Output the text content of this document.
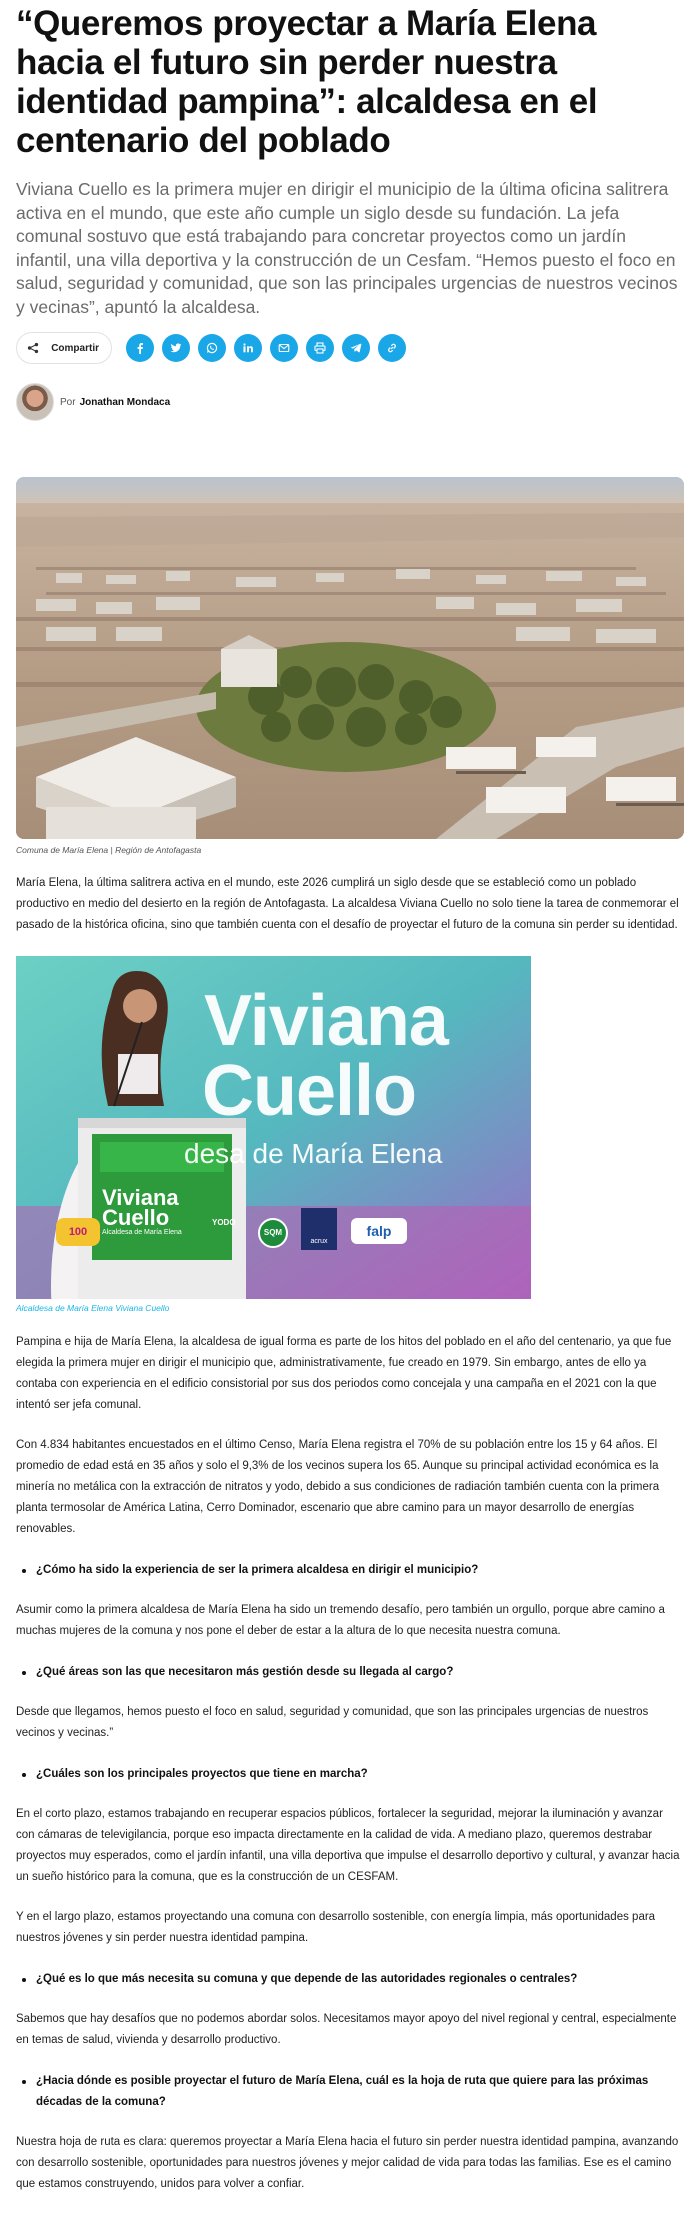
“Queremos proyectar a María Elena hacia el futuro sin perder nuestra identidad pampina”: alcaldesa en el centenario del poblado

Viviana Cuello es la primera mujer en dirigir el municipio de la última oficina salitrera activa en el mundo, que este año cumple un siglo desde su fundación. La jefa comunal sostuvo que está trabajando para concretar proyectos como un jardín infantil, una villa deportiva y la construcción de un Cesfam. “Hemos puesto el foco en salud, seguridad y comunidad, que son las principales urgencias de nuestros vecinos y vecinas”, apuntó la alcaldesa.

Compartir
Por Jonathan Mondaca

Comuna de María Elena | Región de Antofagasta

María Elena, la última salitrera activa en el mundo, este 2026 cumplirá un siglo desde que se estableció como un poblado productivo en medio del desierto en la región de Antofagasta. La alcaldesa Viviana Cuello no solo tiene la tarea de conmemorar el pasado de la histórica oficina, sino que también cuenta con el desafío de proyectar el futuro de la comuna sin perder su identidad.

Viviana
Cuello
desa de María Elena
Viviana
Cuello
Alcaldesa de María Elena
100
YODO
SQM
acrux
falp

Alcaldesa de María Elena Viviana Cuello

Pampina e hija de María Elena, la alcaldesa de igual forma es parte de los hitos del poblado en el año del centenario, ya que fue elegida la primera mujer en dirigir el municipio que, administrativamente, fue creado en 1979. Sin embargo, antes de ello ya contaba con experiencia en el edificio consistorial por sus dos periodos como concejala y una campaña en el 2021 con la que intentó ser jefa comunal.

Con 4.834 habitantes encuestados en el último Censo, María Elena registra el 70% de su población entre los 15 y 64 años. El promedio de edad está en 35 años y solo el 9,3% de los vecinos supera los 65. Aunque su principal actividad económica es la minería no metálica con la extracción de nitratos y yodo, debido a sus condiciones de radiación también cuenta con la primera planta termosolar de América Latina, Cerro Dominador, escenario que abre camino para un mayor desarrollo de energías renovables.

¿Cómo ha sido la experiencia de ser la primera alcaldesa en dirigir el municipio?

Asumir como la primera alcaldesa de María Elena ha sido un tremendo desafío, pero también un orgullo, porque abre camino a muchas mujeres de la comuna y nos pone el deber de estar a la altura de lo que necesita nuestra comuna.

¿Qué áreas son las que necesitaron más gestión desde su llegada al cargo?

Desde que llegamos, hemos puesto el foco en salud, seguridad y comunidad, que son las principales urgencias de nuestros vecinos y vecinas.”

¿Cuáles son los principales proyectos que tiene en marcha?

En el corto plazo, estamos trabajando en recuperar espacios públicos, fortalecer la seguridad, mejorar la iluminación y avanzar con cámaras de televigilancia, porque eso impacta directamente en la calidad de vida. A mediano plazo, queremos destrabar proyectos muy esperados, como el jardín infantil, una villa deportiva que impulse el desarrollo deportivo y cultural, y avanzar hacia un sueño histórico para la comuna, que es la construcción de un CESFAM.

Y en el largo plazo, estamos proyectando una comuna con desarrollo sostenible, con energía limpia, más oportunidades para nuestros jóvenes y sin perder nuestra identidad pampina.

¿Qué es lo que más necesita su comuna y que depende de las autoridades regionales o centrales?

Sabemos que hay desafíos que no podemos abordar solos. Necesitamos mayor apoyo del nivel regional y central, especialmente en temas de salud, vivienda y desarrollo productivo.

¿Hacia dónde es posible proyectar el futuro de María Elena, cuál es la hoja de ruta que quiere para las próximas décadas de la comuna?

Nuestra hoja de ruta es clara: queremos proyectar a María Elena hacia el futuro sin perder nuestra identidad pampina, avanzando con desarrollo sostenible, oportunidades para nuestros jóvenes y mejor calidad de vida para todas las familias. Ese es el camino que estamos construyendo, unidos para volver a confiar.
